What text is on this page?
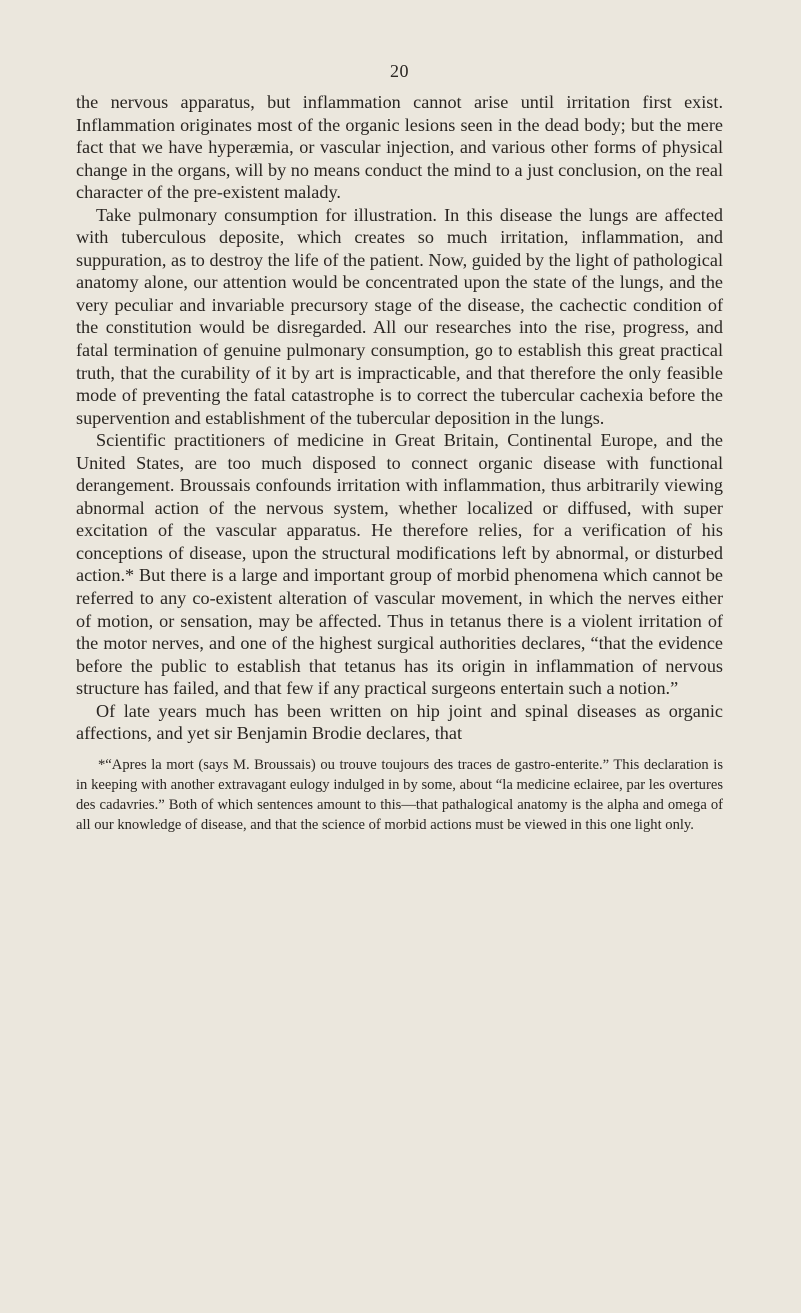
20

the nervous apparatus, but inflammation cannot arise until irritation first exist. Inflammation originates most of the organic lesions seen in the dead body; but the mere fact that we have hyperæmia, or vascular injection, and various other forms of physical change in the organs, will by no means conduct the mind to a just conclusion, on the real character of the pre-existent malady.

Take pulmonary consumption for illustration. In this disease the lungs are affected with tuberculous deposite, which creates so much irritation, inflammation, and suppuration, as to destroy the life of the patient. Now, guided by the light of pathological anatomy alone, our attention would be concentrated upon the state of the lungs, and the very peculiar and invariable precursory stage of the disease, the cachectic condition of the constitution would be disregarded. All our researches into the rise, progress, and fatal termination of genuine pulmonary consumption, go to establish this great practical truth, that the curability of it by art is impracticable, and that therefore the only feasible mode of preventing the fatal catastrophe is to correct the tubercular cachexia before the supervention and establishment of the tubercular deposition in the lungs.

Scientific practitioners of medicine in Great Britain, Continental Europe, and the United States, are too much disposed to connect organic disease with functional derangement. Broussais confounds irritation with inflammation, thus arbitrarily viewing abnormal action of the nervous system, whether localized or diffused, with super excitation of the vascular apparatus. He therefore relies, for a verification of his conceptions of disease, upon the structural modifications left by abnormal, or disturbed action.* But there is a large and important group of morbid phenomena which cannot be referred to any co-existent alteration of vascular movement, in which the nerves either of motion, or sensation, may be affected. Thus in tetanus there is a violent irritation of the motor nerves, and one of the highest surgical authorities declares, “that the evidence before the public to establish that tetanus has its origin in inflammation of nervous structure has failed, and that few if any practical surgeons entertain such a notion.”

Of late years much has been written on hip joint and spinal diseases as organic affections, and yet sir Benjamin Brodie declares, that

*“Apres la mort (says M. Broussais) ou trouve toujours des traces de gastro-enterite.” This declaration is in keeping with another extravagant eulogy indulged in by some, about “la medicine eclairee, par les overtures des cadavries.” Both of which sentences amount to this—that pathalogical anatomy is the alpha and omega of all our knowledge of disease, and that the science of morbid actions must be viewed in this one light only.
